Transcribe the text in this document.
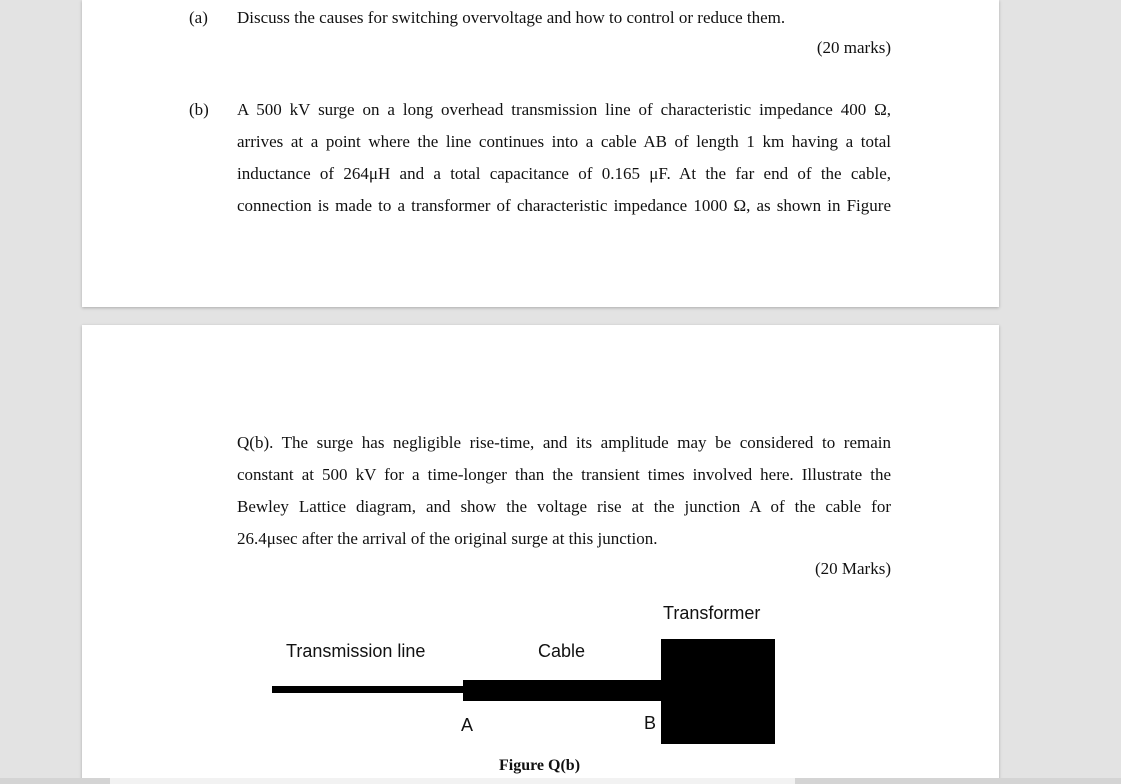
(a) Discuss the causes for switching overvoltage and how to control or reduce them.
(20 marks)
(b) A 500 kV surge on a long overhead transmission line of characteristic impedance 400 Ω,

arrives at a point where the line continues into a cable AB of length 1 km having a total

inductance of 264μH and a total capacitance of 0.165 μF. At the far end of the cable,

connection is made to a transformer of characteristic impedance 1000 Ω, as shown in Figure

Q(b). The surge has negligible rise-time, and its amplitude may be considered to remain

constant at 500 kV for a time-longer than the transient times involved here. Illustrate the

Bewley Lattice diagram, and show the voltage rise at the junction A of the cable for

26.4μsec after the arrival of the original surge at this junction.

(20 Marks)
Transformer
Transmission line	Cable
A	B
Figure Q(b)
